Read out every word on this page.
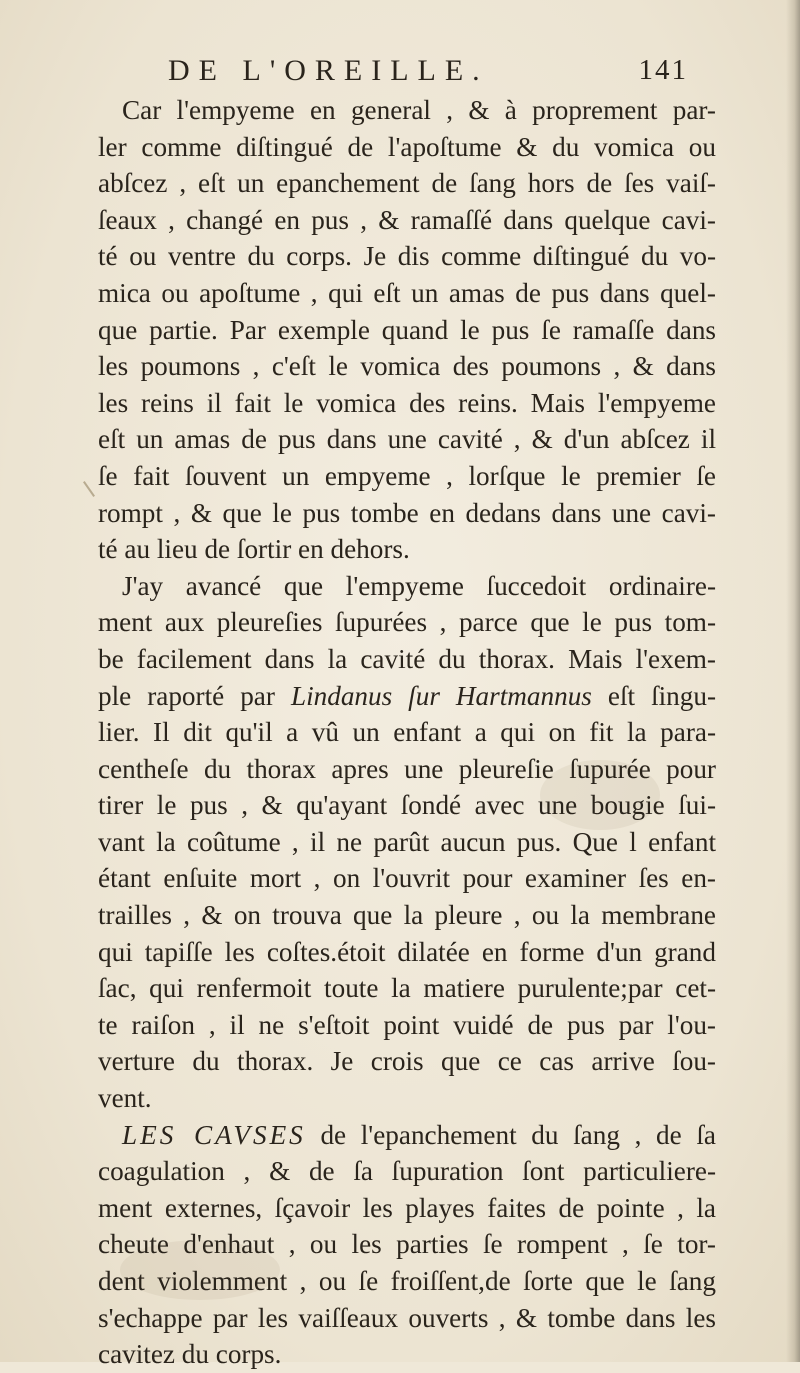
DE L'OREILLE.	141
Car l'empyeme en general , & à proprement par-
ler comme diſtingué de l'apoſtume & du vomica ou
abſcez , eſt un epanchement de ſang hors de ſes vaiſ-
ſeaux , changé en pus , & ramaſſé dans quelque cavi-
té ou ventre du corps. Je dis comme diſtingué du vo-
mica ou apoſtume , qui eſt un amas de pus dans quel-
que partie. Par exemple quand le pus ſe ramaſſe dans
les poumons , c'eſt le vomica des poumons , & dans
les reins il fait le vomica des reins. Mais l'empyeme
eſt un amas de pus dans une cavité , & d'un abſcez il
ſe fait ſouvent un empyeme , lorſque le premier ſe
rompt , & que le pus tombe en dedans dans une cavi-
té au lieu de ſortir en dehors.
J'ay avancé que l'empyeme ſuccedoit ordinaire-
ment aux pleureſies ſupurées , parce que le pus tom-
be facilement dans la cavité du thorax. Mais l'exem-
ple raporté par Lindanus ſur Hartmannus eſt ſingu-
lier. Il dit qu'il a vû un enfant a qui on fit la para-
centheſe du thorax apres une pleureſie ſupurée pour
tirer le pus , & qu'ayant ſondé avec une bougie ſui-
vant la coûtume , il ne parût aucun pus. Que l enfant
étant enſuite mort , on l'ouvrit pour examiner ſes en-
trailles , & on trouva que la pleure , ou la membrane
qui tapiſſe les coſtes.étoit dilatée en forme d'un grand
ſac, qui renfermoit toute la matiere purulente;par cet-
te raiſon , il ne s'eſtoit point vuidé de pus par l'ou-
verture du thorax. Je crois que ce cas arrive ſou-
vent.
LES CAVSES de l'epanchement du ſang , de ſa
coagulation , & de ſa ſupuration ſont particuliere-
ment externes, ſçavoir les playes faites de pointe , la
cheute d'enhaut , ou les parties ſe rompent , ſe tor-
dent violemment , ou ſe froiſſent,de ſorte que le ſang
s'echappe par les vaiſſeaux ouverts , & tombe dans les
cavitez du corps.
